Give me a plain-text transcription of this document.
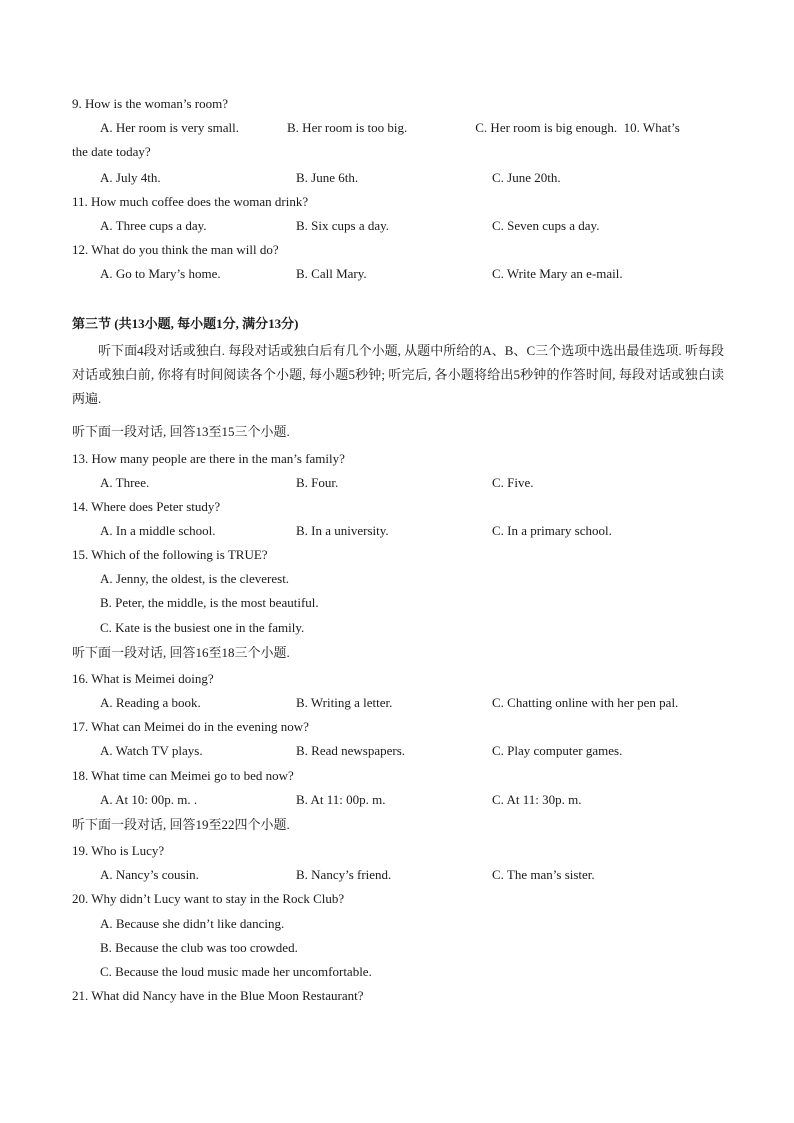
9. How is the woman’s room?
A. Her room is very small.	B. Her room is too big.	C. Her room is big enough. 10. What’s
the date today?
A. July 4th.	B. June 6th.	C. June 20th.
11. How much coffee does the woman drink?
A. Three cups a day.	B. Six cups a day.	C. Seven cups a day.
12. What do you think the man will do?
A. Go to Mary’s home.	B. Call Mary.	C. Write Mary an e-mail.
第三节 (共13小题, 每小题1分, 满分13分)
听下面4段对话或独白. 每段对话或独白后有几个小题, 从题中所给的A、B、C三个选项中选出最佳选项. 听每段对话或独白前, 你将有时间阅读各个小题, 每小题5秒钟; 听完后, 各小题将给出5秒钟的作答时间, 每段对话或独白读两遍.
听下面一段对话, 回答13至15三个小题.
13. How many people are there in the man’s family?
A. Three.	B. Four.	C. Five.
14. Where does Peter study?
A. In a middle school.	B. In a university.	C. In a primary school.
15. Which of the following is TRUE?
A. Jenny, the oldest, is the cleverest.
B. Peter, the middle, is the most beautiful.
C. Kate is the busiest one in the family.
听下面一段对话, 回答16至18三个小题.
16. What is Meimei doing?
A. Reading a book.	B. Writing a letter.	C. Chatting online with her pen pal.
17. What can Meimei do in the evening now?
A. Watch TV plays.	B. Read newspapers.	C. Play computer games.
18. What time can Meimei go to bed now?
A. At 10: 00p. m. .	B. At 11: 00p. m.	C. At 11: 30p. m.
听下面一段对话, 回答19至22四个小题.
19. Who is Lucy?
A. Nancy’s cousin.	B. Nancy’s friend.	C. The man’s sister.
20. Why didn’t Lucy want to stay in the Rock Club?
A. Because she didn’t like dancing.
B. Because the club was too crowded.
C. Because the loud music made her uncomfortable.
21. What did Nancy have in the Blue Moon Restaurant?
